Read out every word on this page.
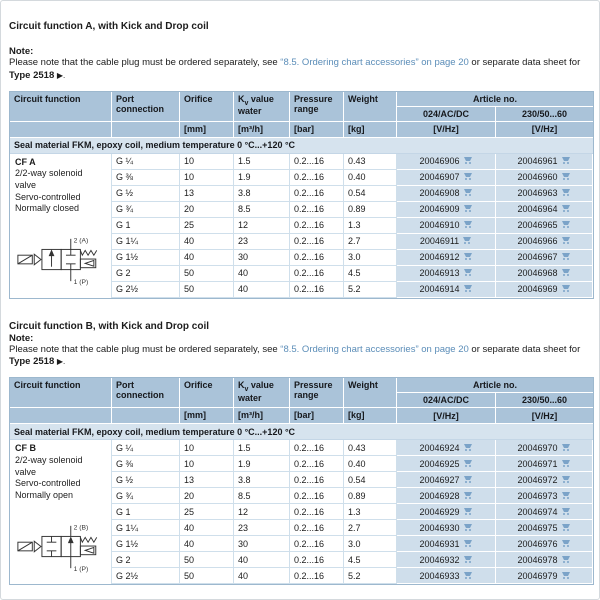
Circuit function A, with Kick and Drop coil
Note:

Please note that the cable plug must be ordered separately, see “8.5. Ordering chart accessories” on page 20 or separate data sheet for
Type 2518 ▶.

Circuit function	Port connection	Orifice	$K_v$ value water	Pressure range	Weight	Article no.	
						024/AC/DC	230/50...60
		[mm]	[m³/h]	[bar]	[kg]	[V/Hz]	[V/Hz]
Seal material FKM, epoxy coil, medium temperature 0 °C...+120 °C							

CF A
2/2-way solenoid valve
Servo-controlled
Normally closed
2 (A)
1 (P)
	G ¼	10	1.5	0.2...16	0.43	20046906	20046961
	G ⅜	10	1.9	0.2...16	0.40	20046907	20046960
	G ½	13	3.8	0.2...16	0.54	20046908	20046963
	G ¾	20	8.5	0.2...16	0.89	20046909	20046964
	G 1	25	12	0.2...16	1.3	20046910	20046965
	G 1¼	40	23	0.2...16	2.7	20046911	20046966
	G 1½	40	30	0.2...16	3.0	20046912	20046967
	G 2	50	40	0.2...16	4.5	20046913	20046968
	G 2½	50	40	0.2...16	5.2	20046914	20046969
Circuit function B, with Kick and Drop coil
Note:

Please note that the cable plug must be ordered separately, see “8.5. Ordering chart accessories” on page 20 or separate data sheet for
Type 2518 ▶.

Circuit function	Port connection	Orifice	$K_v$ value water	Pressure range	Weight	Article no.	
						024/AC/DC	230/50...60
		[mm]	[m³/h]	[bar]	[kg]	[V/Hz]	[V/Hz]
Seal material FKM, epoxy coil, medium temperature 0 °C...+120 °C							

CF B
2/2-way solenoid valve
Servo-controlled
Normally open
2 (B)
1 (P)
	G ¼	10	1.5	0.2...16	0.43	20046924	20046970
	G ⅜	10	1.9	0.2...16	0.40	20046925	20046971
	G ½	13	3.8	0.2...16	0.54	20046927	20046972
	G ¾	20	8.5	0.2...16	0.89	20046928	20046973
	G 1	25	12	0.2...16	1.3	20046929	20046974
	G 1¼	40	23	0.2...16	2.7	20046930	20046975
	G 1½	40	30	0.2...16	3.0	20046931	20046976
	G 2	50	40	0.2...16	4.5	20046932	20046978
	G 2½	50	40	0.2...16	5.2	20046933	20046979
